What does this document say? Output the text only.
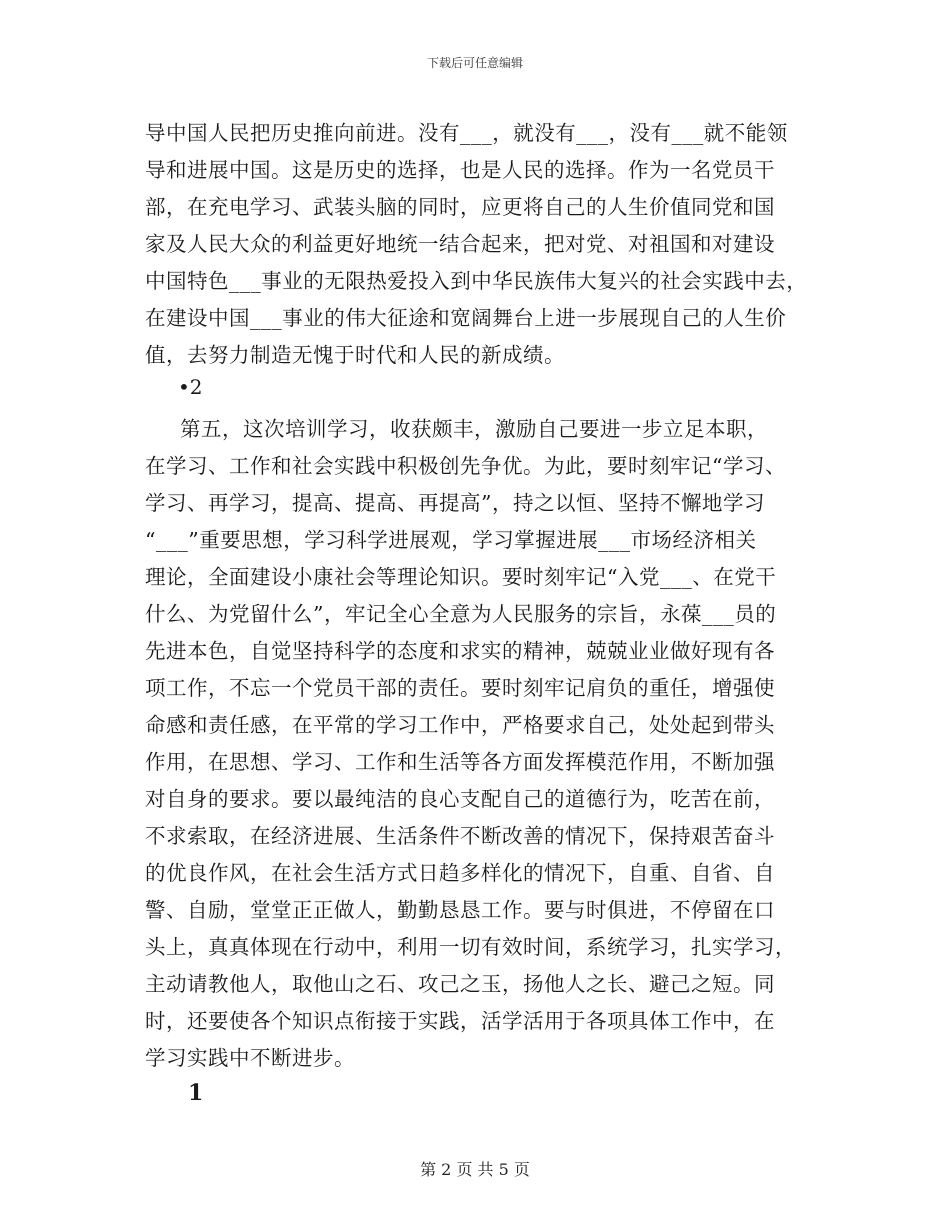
下载后可任意编辑
导中国人民把历史推向前进。没有___，就没有___，没有___就不能领
导和进展中国。这是历史的选择，也是人民的选择。作为一名党员干
部，在充电学习、武装头脑的同时，应更将自己的人生价值同党和国
家及人民大众的利益更好地统一结合起来，把对党、对祖国和对建设
中国特色___事业的无限热爱投入到中华民族伟大复兴的社会实践中去，
在建设中国___事业的伟大征途和宽阔舞台上进一步展现自己的人生价
值，去努力制造无愧于时代和人民的新成绩。
•2
第五，这次培训学习，收获颇丰，激励自己要进一步立足本职，
在学习、工作和社会实践中积极创先争优。为此，要时刻牢记“学习、
学习、再学习，提高、提高、再提高”，持之以恒、坚持不懈地学习
“___”重要思想，学习科学进展观，学习掌握进展___市场经济相关
理论，全面建设小康社会等理论知识。要时刻牢记“入党___、在党干
什么、为党留什么”，牢记全心全意为人民服务的宗旨，永葆___员的
先进本色，自觉坚持科学的态度和求实的精神，兢兢业业做好现有各
项工作，不忘一个党员干部的责任。要时刻牢记肩负的重任，增强使
命感和责任感，在平常的学习工作中，严格要求自己，处处起到带头
作用，在思想、学习、工作和生活等各方面发挥模范作用，不断加强
对自身的要求。要以最纯洁的良心支配自己的道德行为，吃苦在前，
不求索取，在经济进展、生活条件不断改善的情况下，保持艰苦奋斗
的优良作风，在社会生活方式日趋多样化的情况下，自重、自省、自
警、自励，堂堂正正做人，勤勤恳恳工作。要与时俱进，不停留在口
头上，真真体现在行动中，利用一切有效时间，系统学习，扎实学习，
主动请教他人，取他山之石、攻己之玉，扬他人之长、避己之短。同
时，还要使各个知识点衔接于实践，活学活用于各项具体工作中，在
学习实践中不断进步。
1
第 2 页 共 5 页
